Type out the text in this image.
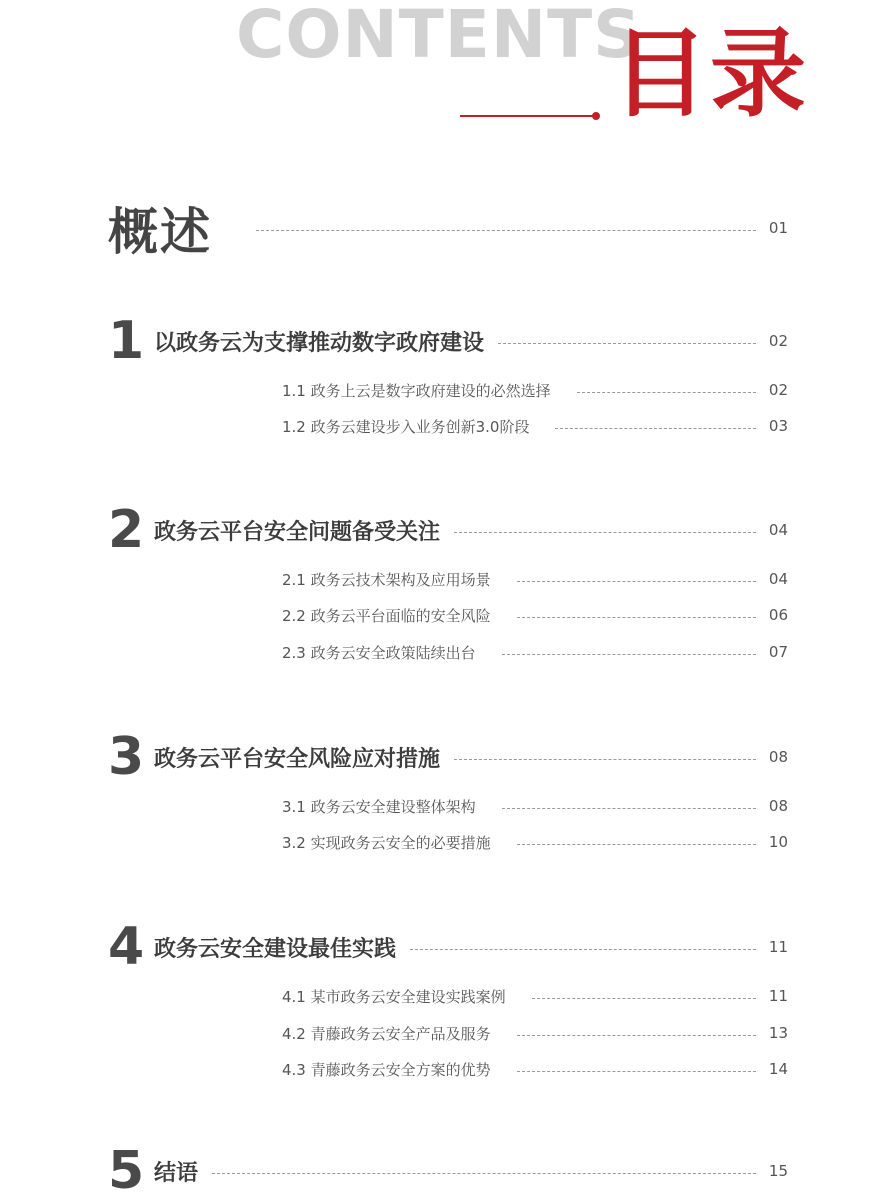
CONTENTS
目录
概述	01
1 以政务云为支撑推动数字政府建设	02
1.1 政务上云是数字政府建设的必然选择	02
1.2 政务云建设步入业务创新3.0阶段	03
2 政务云平台安全问题备受关注	04
2.1 政务云技术架构及应用场景	04
2.2 政务云平台面临的安全风险	06
2.3 政务云安全政策陆续出台	07
3 政务云平台安全风险应对措施	08
3.1 政务云安全建设整体架构	08
3.2 实现政务云安全的必要措施	10
4 政务云安全建设最佳实践	11
4.1 某市政务云安全建设实践案例	11
4.2 青藤政务云安全产品及服务	13
4.3 青藤政务云安全方案的优势	14
5 结语	15
